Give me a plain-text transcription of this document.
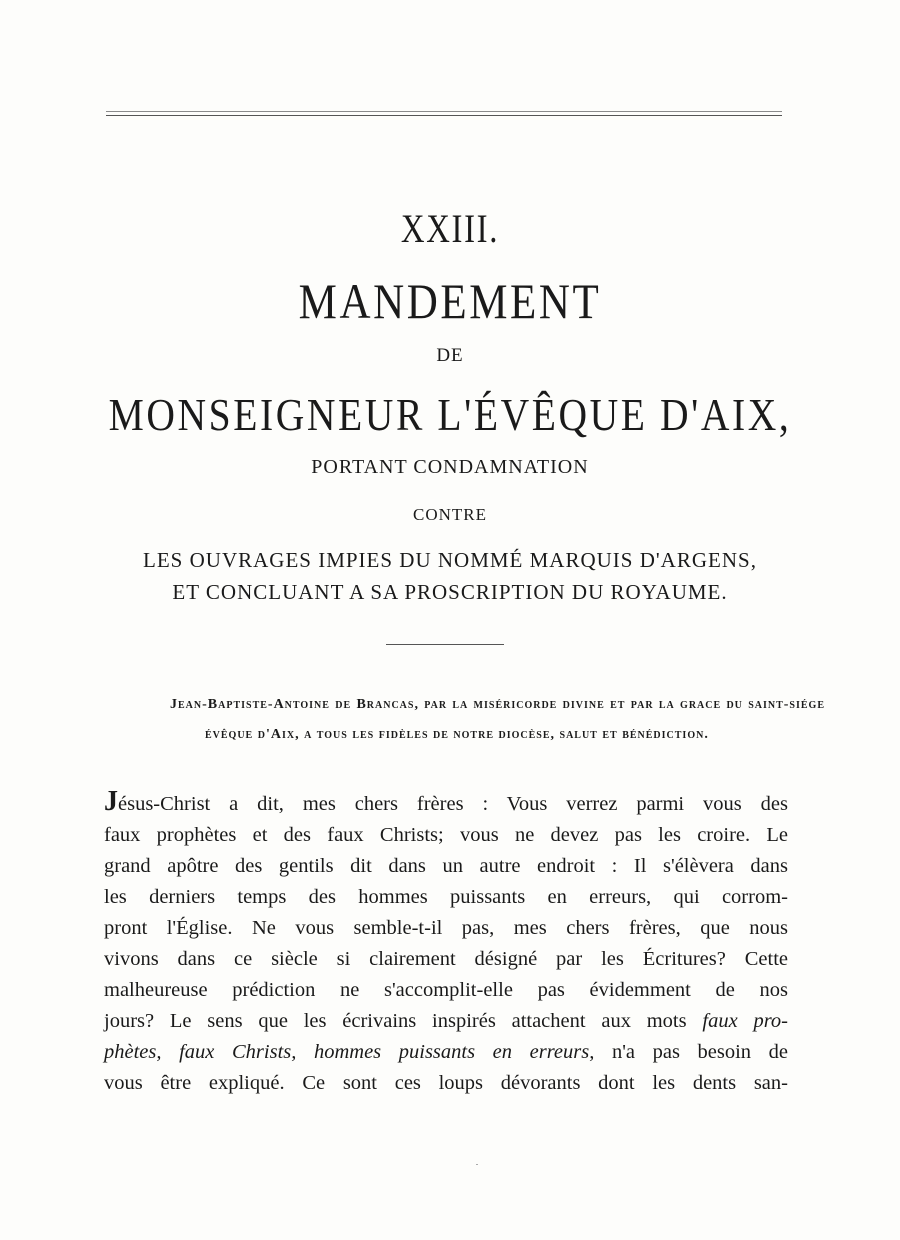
XXIII.
MANDEMENT
DE
MONSEIGNEUR L'ÉVÊQUE D'AIX,
PORTANT CONDAMNATION
CONTRE
LES OUVRAGES IMPIES DU NOMMÉ MARQUIS D'ARGENS,
ET CONCLUANT A SA PROSCRIPTION DU ROYAUME.
Jean-Baptiste-Antoine de Brancas, par la miséricorde divine et par la grace du saint-siége évêque d'Aix, a tous les fidèles de notre diocèse, salut et bénédiction.
Jésus-Christ a dit, mes chers frères : Vous verrez parmi vous des
faux prophètes et des faux Christs; vous ne devez pas les croire. Le
grand apôtre des gentils dit dans un autre endroit : Il s'élèvera dans
les derniers temps des hommes puissants en erreurs, qui corrom-
pront l'Église. Ne vous semble-t-il pas, mes chers frères, que nous
vivons dans ce siècle si clairement désigné par les Écritures? Cette
malheureuse prédiction ne s'accomplit-elle pas évidemment de nos
jours? Le sens que les écrivains inspirés attachent aux mots faux pro-
phètes, faux Christs, hommes puissants en erreurs, n'a pas besoin de
vous être expliqué. Ce sont ces loups dévorants dont les dents san-
